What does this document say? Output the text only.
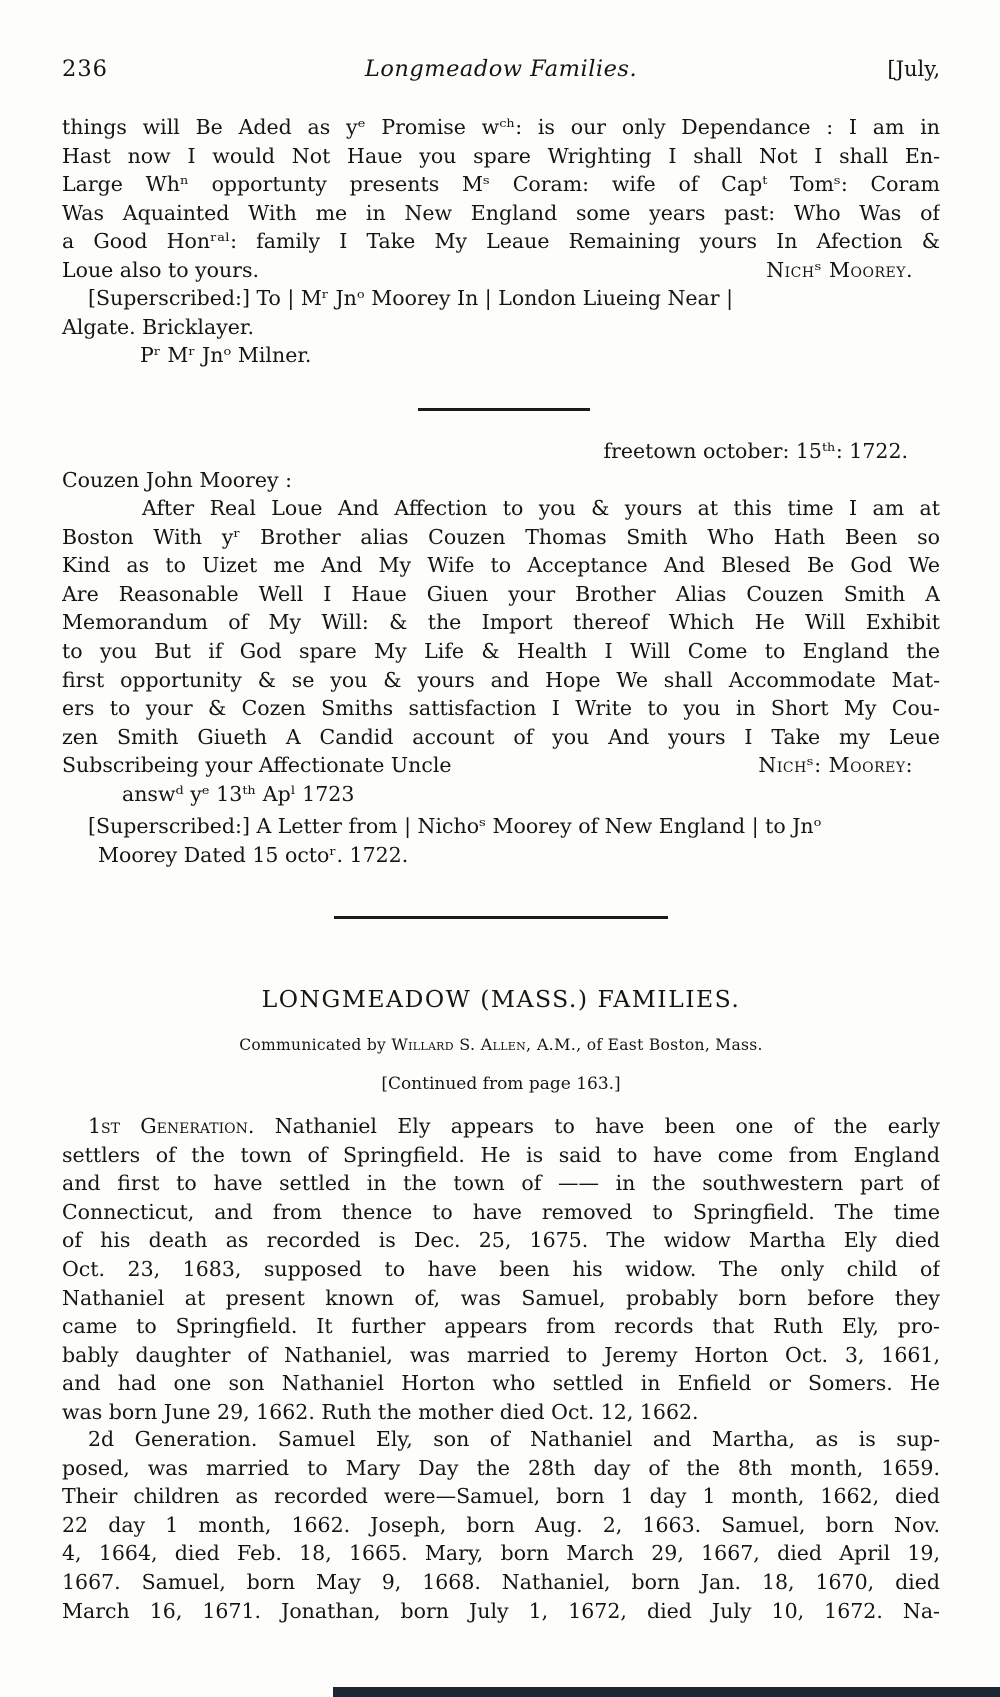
236	Longmeadow Families.	[July,
things will Be Aded as yᵉ Promise wᶜʰ: is our only Dependance : I am in
Hast now I would Not Haue you spare Wrighting I shall Not I shall En-
Large Whⁿ opportunty presents Mˢ Coram: wife of Capᵗ Tomˢ: Coram
Was Aquainted With me in New England some years past: Who Was of
a Good Honʳᵃˡ: family I Take My Leaue Remaining yours In Afection &
Loue also to yours.	Nichˢ Moorey.
[Superscribed:] To | Mʳ Jnᵒ Moorey In | London Liueing Near |
Algate. Bricklayer.
Pʳ Mʳ Jnᵒ Milner.
freetown october: 15ᵗʰ: 1722.
Couzen John Moorey :
After Real Loue And Affection to you & yours at this time I am at
Boston With yʳ Brother alias Couzen Thomas Smith Who Hath Been so
Kind as to Uizet me And My Wife to Acceptance And Blesed Be God We
Are Reasonable Well I Haue Giuen your Brother Alias Couzen Smith A
Memorandum of My Will: & the Import thereof Which He Will Exhibit
to you But if God spare My Life & Health I Will Come to England the
first opportunity & se you & yours and Hope We shall Accommodate Mat-
ers to your & Cozen Smiths sattisfaction I Write to you in Short My Cou-
zen Smith Giueth A Candid account of you And yours I Take my Leue
Subscribeing your Affectionate Uncle	Nichˢ: Moorey:
answᵈ yᵉ 13ᵗʰ Apˡ 1723
[Superscribed:] A Letter from | Nichoˢ Moorey of New England | to Jnᵒ
Moorey Dated 15 octoʳ. 1722.
LONGMEADOW (MASS.) FAMILIES.
Communicated by Willard S. Allen, A.M., of East Boston, Mass.
[Continued from page 163.]
1st Generation. Nathaniel Ely appears to have been one of the early
settlers of the town of Springfield. He is said to have come from England
and first to have settled in the town of —— in the southwestern part of
Connecticut, and from thence to have removed to Springfield. The time
of his death as recorded is Dec. 25, 1675. The widow Martha Ely died
Oct. 23, 1683, supposed to have been his widow. The only child of
Nathaniel at present known of, was Samuel, probably born before they
came to Springfield. It further appears from records that Ruth Ely, pro-
bably daughter of Nathaniel, was married to Jeremy Horton Oct. 3, 1661,
and had one son Nathaniel Horton who settled in Enfield or Somers. He
was born June 29, 1662. Ruth the mother died Oct. 12, 1662.
2d Generation. Samuel Ely, son of Nathaniel and Martha, as is sup-
posed, was married to Mary Day the 28th day of the 8th month, 1659.
Their children as recorded were—Samuel, born 1 day 1 month, 1662, died
22 day 1 month, 1662. Joseph, born Aug. 2, 1663. Samuel, born Nov.
4, 1664, died Feb. 18, 1665. Mary, born March 29, 1667, died April 19,
1667. Samuel, born May 9, 1668. Nathaniel, born Jan. 18, 1670, died
March 16, 1671. Jonathan, born July 1, 1672, died July 10, 1672. Na-
